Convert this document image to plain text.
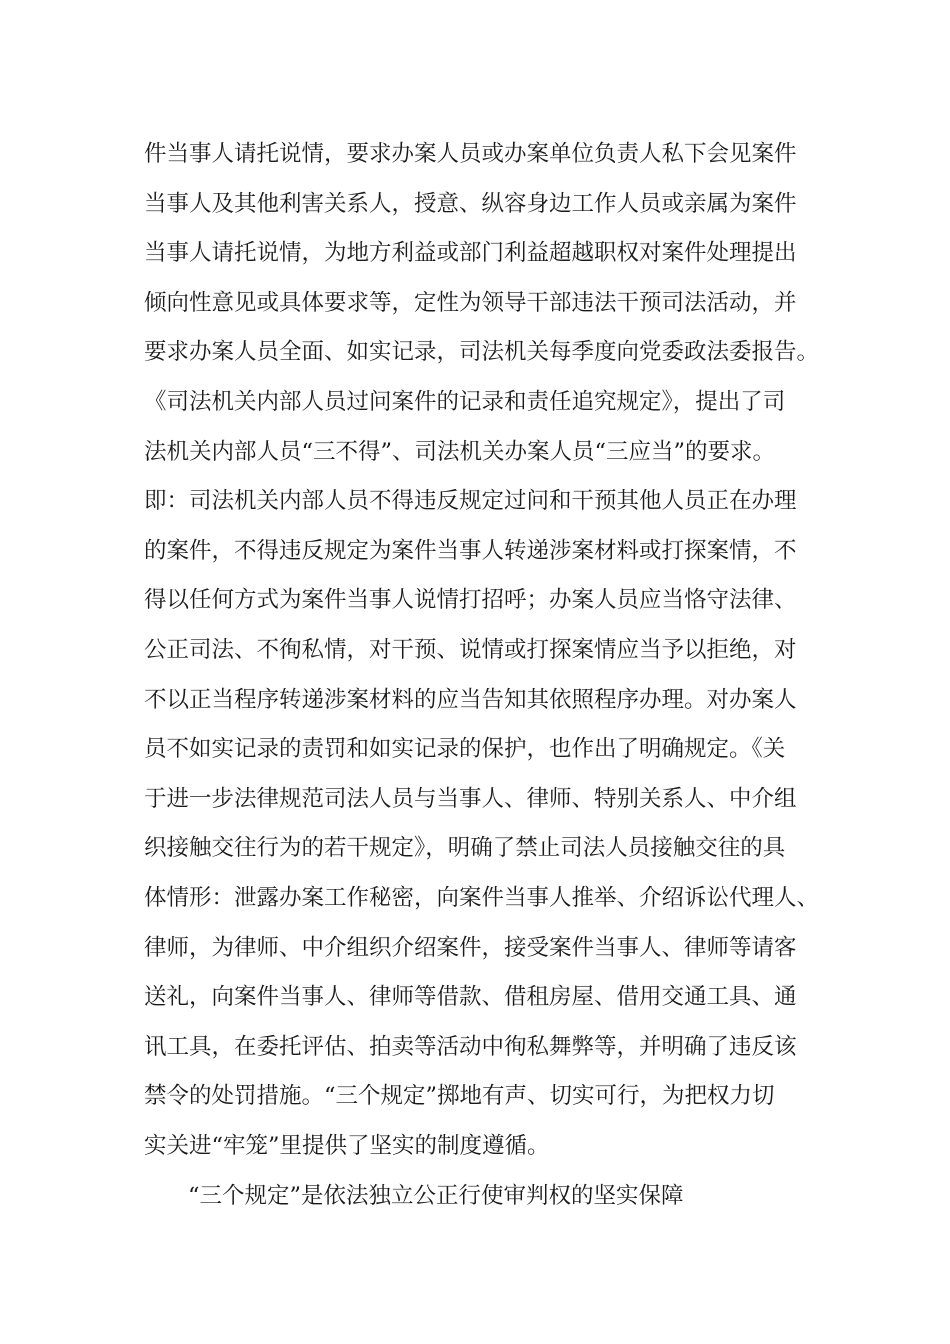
件当事人请托说情，要求办案人员或办案单位负责人私下会见案件
当事人及其他利害关系人，授意、纵容身边工作人员或亲属为案件
当事人请托说情，为地方利益或部门利益超越职权对案件处理提出
倾向性意见或具体要求等，定性为领导干部违法干预司法活动，并
要求办案人员全面、如实记录，司法机关每季度向党委政法委报告。
《司法机关内部人员过问案件的记录和责任追究规定》，提出了司
法机关内部人员“三不得”、司法机关办案人员“三应当”的要求。
即：司法机关内部人员不得违反规定过问和干预其他人员正在办理
的案件，不得违反规定为案件当事人转递涉案材料或打探案情，不
得以任何方式为案件当事人说情打招呼；办案人员应当恪守法律、
公正司法、不徇私情，对干预、说情或打探案情应当予以拒绝，对
不以正当程序转递涉案材料的应当告知其依照程序办理。对办案人
员不如实记录的责罚和如实记录的保护，也作出了明确规定。《关
于进一步法律规范司法人员与当事人、律师、特别关系人、中介组
织接触交往行为的若干规定》，明确了禁止司法人员接触交往的具
体情形：泄露办案工作秘密，向案件当事人推举、介绍诉讼代理人、
律师，为律师、中介组织介绍案件，接受案件当事人、律师等请客
送礼，向案件当事人、律师等借款、借租房屋、借用交通工具、通
讯工具，在委托评估、拍卖等活动中徇私舞弊等，并明确了违反该
禁令的处罚措施。“三个规定”掷地有声、切实可行，为把权力切
实关进“牢笼”里提供了坚实的制度遵循。
“三个规定”是依法独立公正行使审判权的坚实保障
